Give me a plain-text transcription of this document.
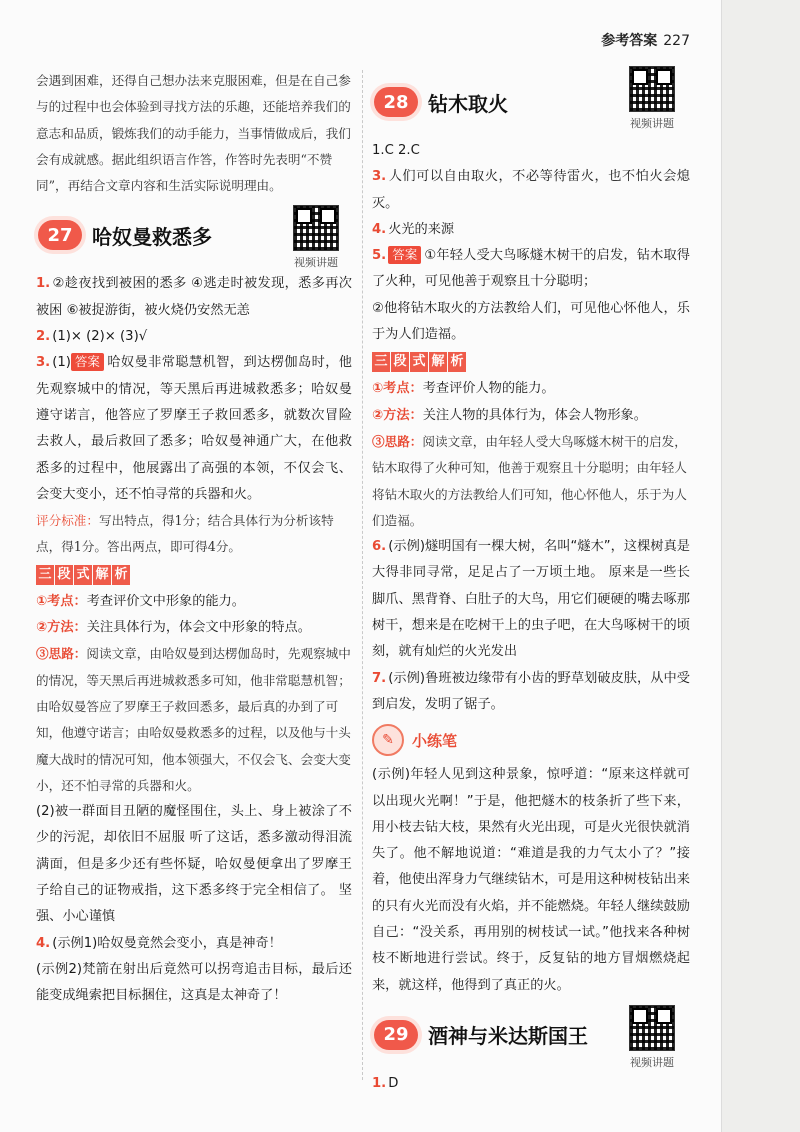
参考答案 227

会遇到困难，还得自己想办法来克服困难，但是在自己参与的过程中也会体验到寻找方法的乐趣，还能培养我们的意志和品质，锻炼我们的动手能力，当事情做成后，我们会有成就感。据此组织语言作答，作答时先表明“不赞同”，再结合文章内容和生活实际说明理由。

27 哈奴曼救悉多
视频讲题

1. ②趁夜找到被困的悉多 ④逃走时被发现，悉多再次被困 ⑥被捉游街，被火烧仍安然无恙

2. (1)× (2)× (3)√

3. (1) 答案 哈奴曼非常聪慧机智，到达楞伽岛时，他先观察城中的情况，等天黑后再进城救悉多；哈奴曼遵守诺言，他答应了罗摩王子救回悉多，就数次冒险去救人，最后救回了悉多；哈奴曼神通广大，在他救悉多的过程中，他展露出了高强的本领，不仅会飞、会变大变小，还不怕寻常的兵器和火。

评分标准：写出特点，得1分；结合具体行为分析该特点，得1分。答出两点，即可得4分。

三 段 式 解 析

①考点：考查评价文中形象的能力。

②方法：关注具体行为，体会文中形象的特点。

③思路：阅读文章，由哈奴曼到达楞伽岛时，先观察城中的情况，等天黑后再进城救悉多可知，他非常聪慧机智；由哈奴曼答应了罗摩王子救回悉多，最后真的办到了可知，他遵守诺言；由哈奴曼救悉多的过程，以及他与十头魔大战时的情况可知，他本领强大，不仅会飞、会变大变小，还不怕寻常的兵器和火。

(2)被一群面目丑陋的魔怪围住，头上、身上被涂了不少的污泥，却依旧不屈服 听了这话，悉多激动得泪流满面，但是多少还有些怀疑，哈奴曼便拿出了罗摩王子给自己的证物戒指，这下悉多终于完全相信了。 坚强、小心谨慎

4. (示例1)哈奴曼竟然会变小，真是神奇！

(示例2)梵箭在射出后竟然可以拐弯追击目标，最后还能变成绳索把目标捆住，这真是太神奇了！

28 钻木取火
视频讲题

1.C 2.C

3. 人们可以自由取火，不必等待雷火，也不怕火会熄灭。

4. 火光的来源

5. 答案 ①年轻人受大鸟啄燧木树干的启发，钻木取得了火种，可见他善于观察且十分聪明；

②他将钻木取火的方法教给人们，可见他心怀他人，乐于为人们造福。

三 段 式 解 析

①考点：考查评价人物的能力。

②方法：关注人物的具体行为，体会人物形象。

③思路：阅读文章，由年轻人受大鸟啄燧木树干的启发，钻木取得了火种可知，他善于观察且十分聪明；由年轻人将钻木取火的方法教给人们可知，他心怀他人，乐于为人们造福。

6. (示例)燧明国有一棵大树，名叫“燧木”，这棵树真是大得非同寻常，足足占了一万顷土地。 原来是一些长脚爪、黑背脊、白肚子的大鸟，用它们硬硬的嘴去啄那树干，想来是在吃树干上的虫子吧，在大鸟啄树干的顷刻，就有灿烂的火光发出

7. (示例)鲁班被边缘带有小齿的野草划破皮肤，从中受到启发，发明了锯子。

✎	小练笔

(示例)年轻人见到这种景象，惊呼道：“原来这样就可以出现火光啊！”于是，他把燧木的枝条折了些下来，用小枝去钻大枝，果然有火光出现，可是火光很快就消失了。他不解地说道：“难道是我的力气太小了？”接着，他使出浑身力气继续钻木，可是用这种树枝钻出来的只有火光而没有火焰，并不能燃烧。年轻人继续鼓励自己：“没关系，再用别的树枝试一试。”他找来各种树枝不断地进行尝试。终于，反复钻的地方冒烟燃烧起来，就这样，他得到了真正的火。

29 酒神与米达斯国王
视频讲题

1. D
